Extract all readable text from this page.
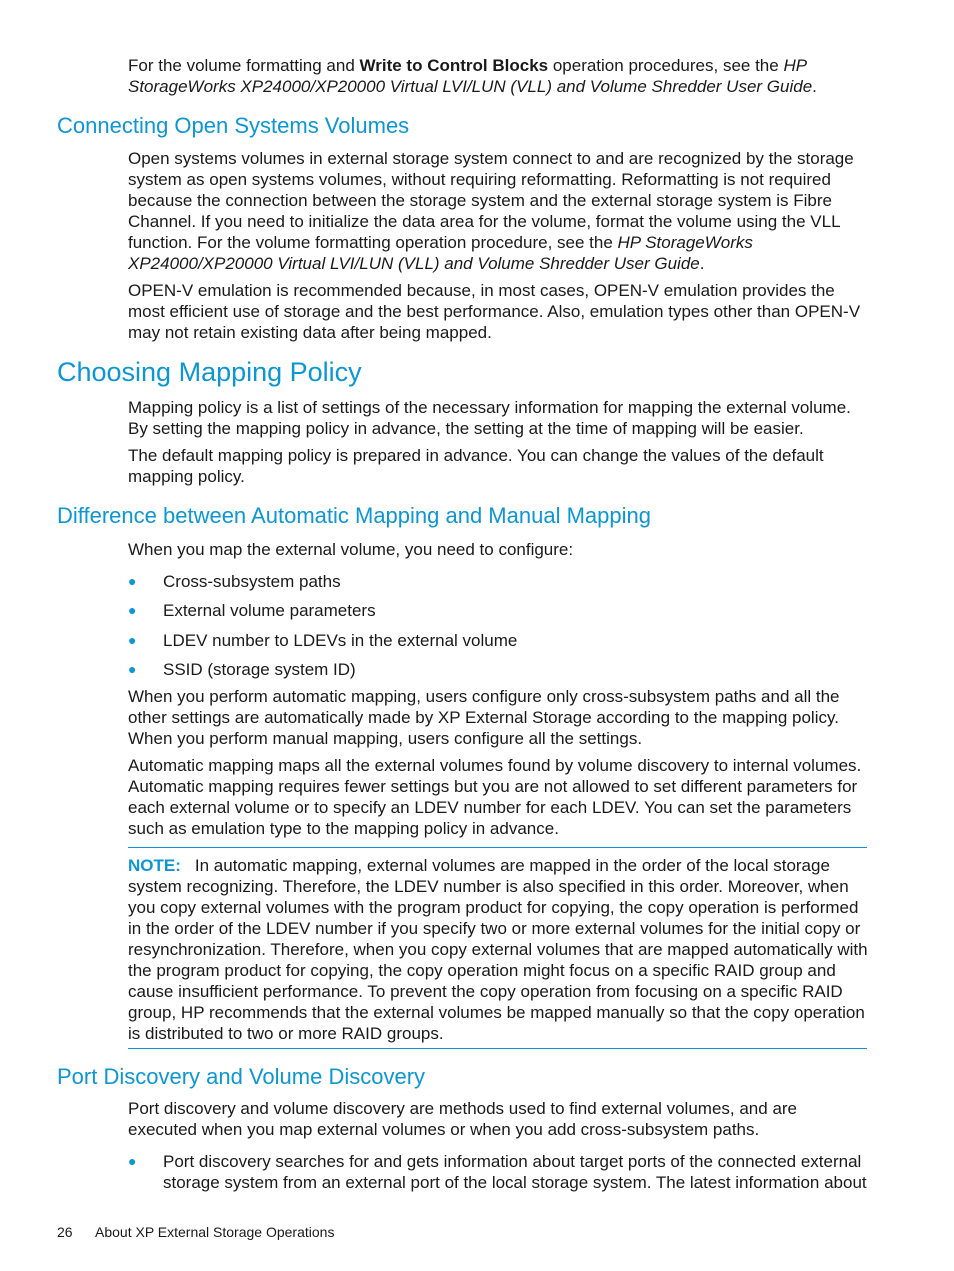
For the volume formatting and Write to Control Blocks operation procedures, see the HP StorageWorks XP24000/XP20000 Virtual LVI/LUN (VLL) and Volume Shredder User Guide.

Connecting Open Systems Volumes

Open systems volumes in external storage system connect to and are recognized by the storage system as open systems volumes, without requiring reformatting. Reformatting is not required because the connection between the storage system and the external storage system is Fibre Channel. If you need to initialize the data area for the volume, format the volume using the VLL function. For the volume formatting operation procedure, see the HP StorageWorks XP24000/XP20000 Virtual LVI/LUN (VLL) and Volume Shredder User Guide.

OPEN-V emulation is recommended because, in most cases, OPEN-V emulation provides the most efficient use of storage and the best performance. Also, emulation types other than OPEN-V may not retain existing data after being mapped.

Choosing Mapping Policy

Mapping policy is a list of settings of the necessary information for mapping the external volume. By setting the mapping policy in advance, the setting at the time of mapping will be easier.

The default mapping policy is prepared in advance. You can change the values of the default mapping policy.

Difference between Automatic Mapping and Manual Mapping

When you map the external volume, you need to configure:

●	Cross-subsystem paths
●	External volume parameters
●	LDEV number to LDEVs in the external volume
●	SSID (storage system ID)

When you perform automatic mapping, users configure only cross-subsystem paths and all the other settings are automatically made by XP External Storage according to the mapping policy. When you perform manual mapping, users configure all the settings.

Automatic mapping maps all the external volumes found by volume discovery to internal volumes. Automatic mapping requires fewer settings but you are not allowed to set different parameters for each external volume or to specify an LDEV number for each LDEV. You can set the parameters such as emulation type to the mapping policy in advance.

NOTE: In automatic mapping, external volumes are mapped in the order of the local storage system recognizing. Therefore, the LDEV number is also specified in this order. Moreover, when you copy external volumes with the program product for copying, the copy operation is performed in the order of the LDEV number if you specify two or more external volumes for the initial copy or resynchronization. Therefore, when you copy external volumes that are mapped automatically with the program product for copying, the copy operation might focus on a specific RAID group and cause insufficient performance. To prevent the copy operation from focusing on a specific RAID group, HP recommends that the external volumes be mapped manually so that the copy operation is distributed to two or more RAID groups.

Port Discovery and Volume Discovery

Port discovery and volume discovery are methods used to find external volumes, and are executed when you map external volumes or when you add cross-subsystem paths.

●	Port discovery searches for and gets information about target ports of the connected external storage system from an external port of the local storage system. The latest information about
26 About XP External Storage Operations
